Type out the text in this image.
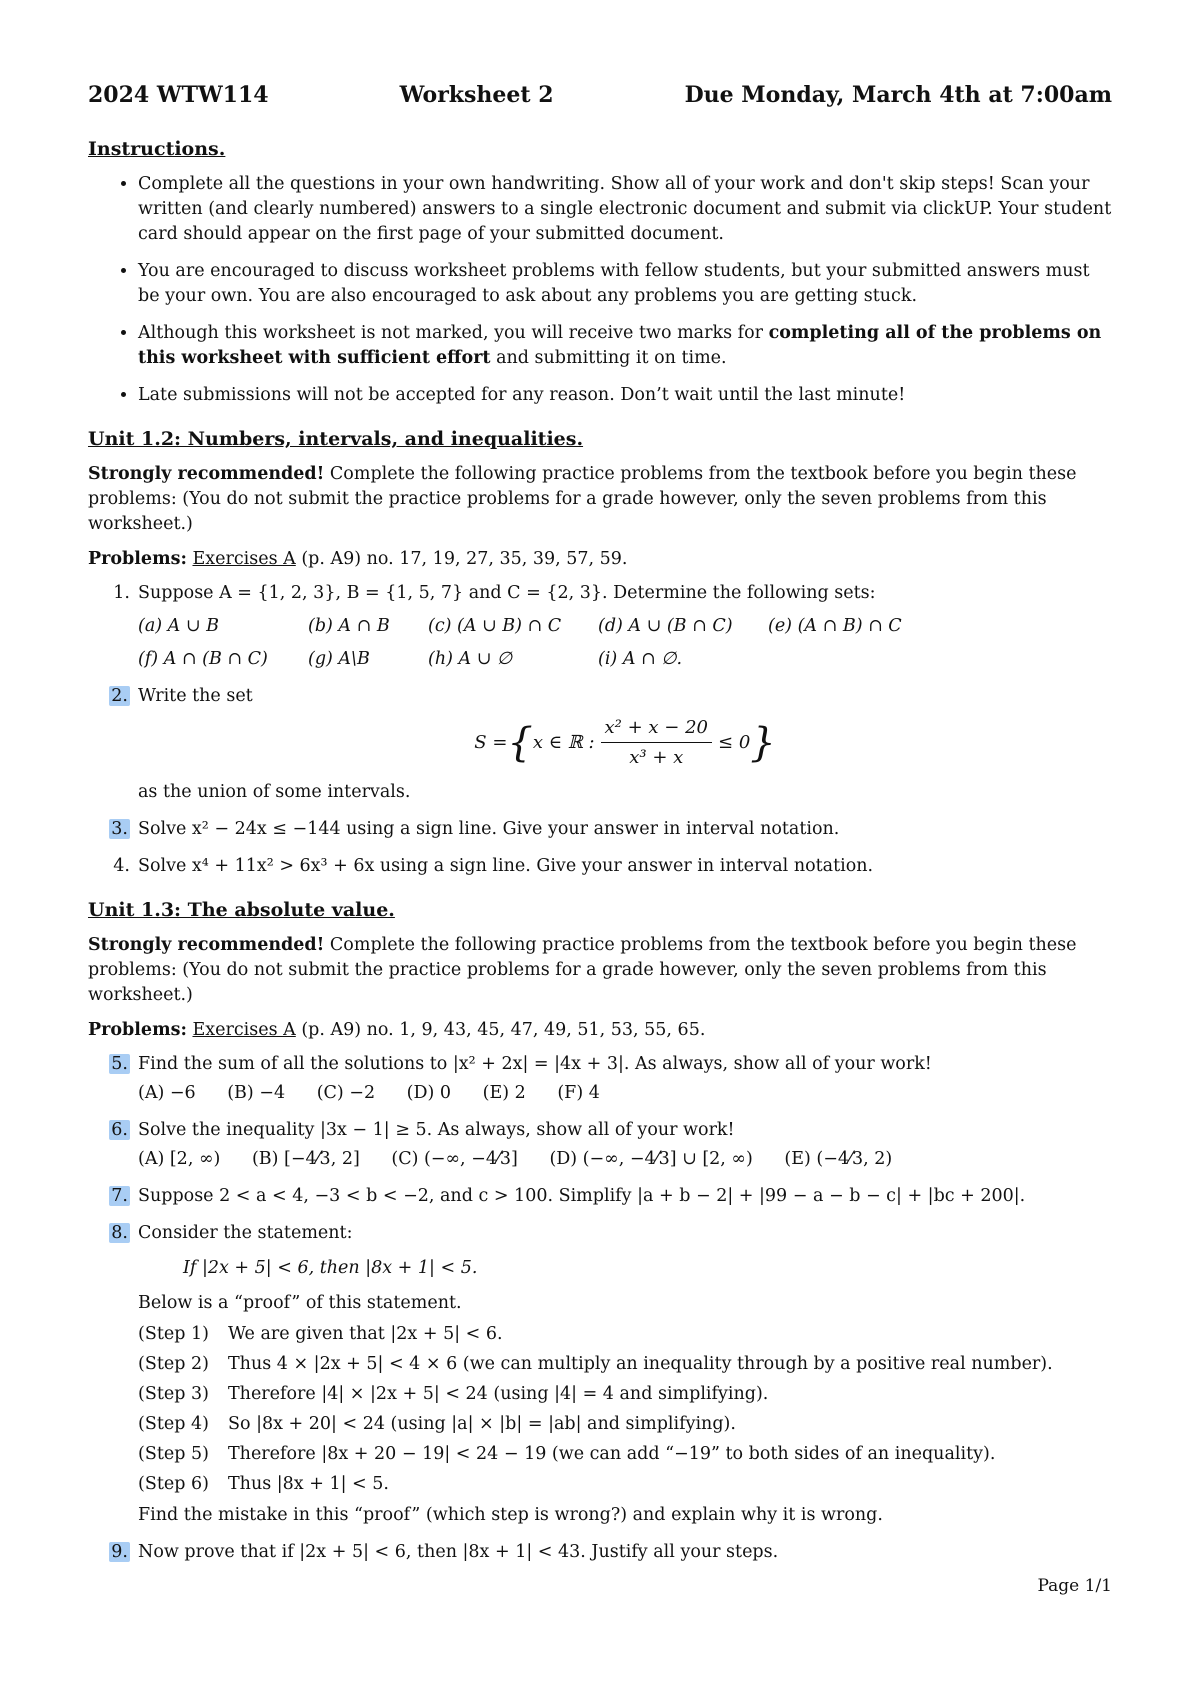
2024 WTW114	Worksheet 2	Due Monday, March 4th at 7:00am
Instructions.
• Complete all the questions in your own handwriting. Show all of your work and don't skip steps! Scan your written (and clearly numbered) answers to a single electronic document and submit via clickUP. Your student card should appear on the first page of your submitted document.
• You are encouraged to discuss worksheet problems with fellow students, but your submitted answers must be your own. You are also encouraged to ask about any problems you are getting stuck.
• Although this worksheet is not marked, you will receive two marks for completing all of the problems on this worksheet with sufficient effort and submitting it on time.
• Late submissions will not be accepted for any reason. Don’t wait until the last minute!
Unit 1.2: Numbers, intervals, and inequalities.
Strongly recommended! Complete the following practice problems from the textbook before you begin these problems: (You do not submit the practice problems for a grade however, only the seven problems from this worksheet.)
Problems: Exercises A (p. A9) no. 17, 19, 27, 35, 39, 57, 59.
1. Suppose A = {1, 2, 3}, B = {1, 5, 7} and C = {2, 3}. Determine the following sets:
(a) A ∪ B	(b) A ∩ B	(c) (A ∪ B) ∩ C	(d) A ∪ (B ∩ C)	(e) (A ∩ B) ∩ C
(f) A ∩ (B ∩ C)	(g) A\B	(h) A ∪ ∅	(i) A ∩ ∅.
2. Write the set
S = { x ∈ ℝ : $\frac{\text{x² + x − 20}}{\text{x³ + x}} \le 0$ }
as the union of some intervals.
3. Solve x² − 24x ≤ −144 using a sign line. Give your answer in interval notation.
4. Solve x⁴ + 11x² > 6x³ + 6x using a sign line. Give your answer in interval notation.
Unit 1.3: The absolute value.
Strongly recommended! Complete the following practice problems from the textbook before you begin these problems: (You do not submit the practice problems for a grade however, only the seven problems from this worksheet.)
Problems: Exercises A (p. A9) no. 1, 9, 43, 45, 47, 49, 51, 53, 55, 65.
5. Find the sum of all the solutions to |x² + 2x| = |4x + 3|. As always, show all of your work!
(A) −6 (B) −4 (C) −2 (D) 0 (E) 2 (F) 4
6. Solve the inequality |3x − 1| ≥ 5. As always, show all of your work!
(A) [2, ∞) (B) [−4⁄3, 2] (C) (−∞, −4⁄3] (D) (−∞, −4⁄3] ∪ [2, ∞) (E) (−4⁄3, 2)
7. Suppose 2 < a < 4, −3 < b < −2, and c > 100. Simplify |a + b − 2| + |99 − a − b − c| + |bc + 200|.
8. Consider the statement:
If |2x + 5| < 6, then |8x + 1| < 5.
Below is a “proof” of this statement.
(Step 1)	We are given that |2x + 5| < 6.
(Step 2)	Thus 4 × |2x + 5| < 4 × 6 (we can multiply an inequality through by a positive real number).
(Step 3)	Therefore |4| × |2x + 5| < 24 (using |4| = 4 and simplifying).
(Step 4)	So |8x + 20| < 24 (using |a| × |b| = |ab| and simplifying).
(Step 5)	Therefore |8x + 20 − 19| < 24 − 19 (we can add “−19” to both sides of an inequality).
(Step 6)	Thus |8x + 1| < 5.
Find the mistake in this “proof” (which step is wrong?) and explain why it is wrong.
9. Now prove that if |2x + 5| < 6, then |8x + 1| < 43. Justify all your steps.
Page 1/1
